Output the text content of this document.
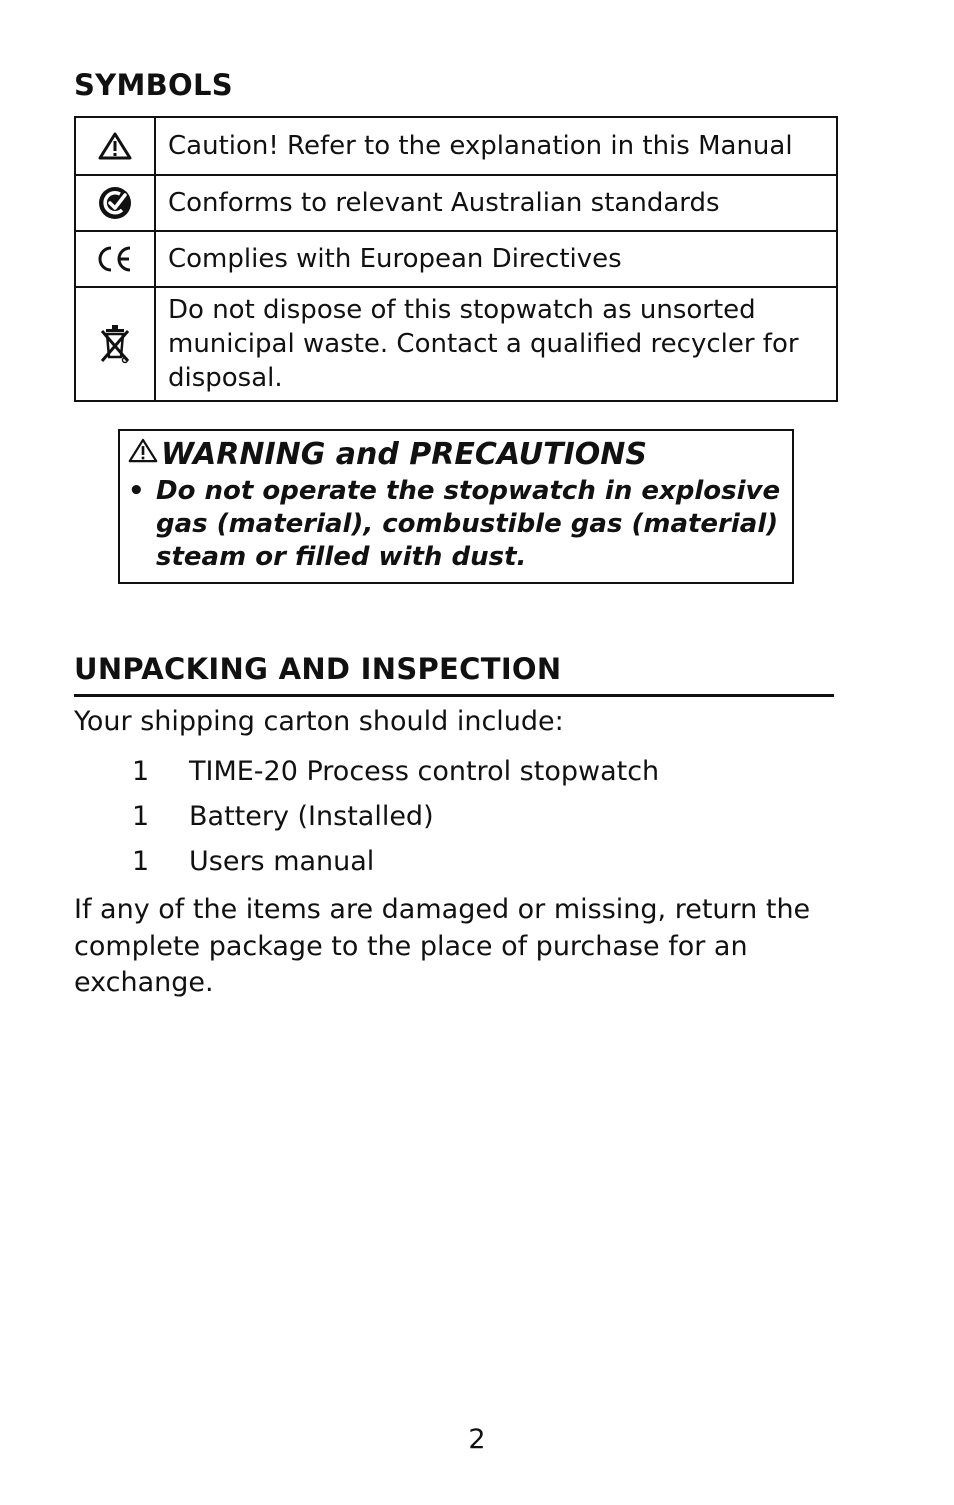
SYMBOLS
	Caution! Refer to the explanation in this Manual

	Conforms to relevant Australian standards

	Complies with European Directives

	Do not dispose of this stopwatch as unsorted municipal waste. Contact a qualified recycler for disposal.
WARNING and PRECAUTIONS
• Do not operate the stopwatch in explosive gas (material), combustible gas (material) steam or filled with dust.
UNPACKING AND INSPECTION

Your shipping carton should include:

1 TIME-20 Process control stopwatch
1 Battery (Installed)
1 Users manual

If any of the items are damaged or missing, return the complete package to the place of purchase for an exchange.

2
